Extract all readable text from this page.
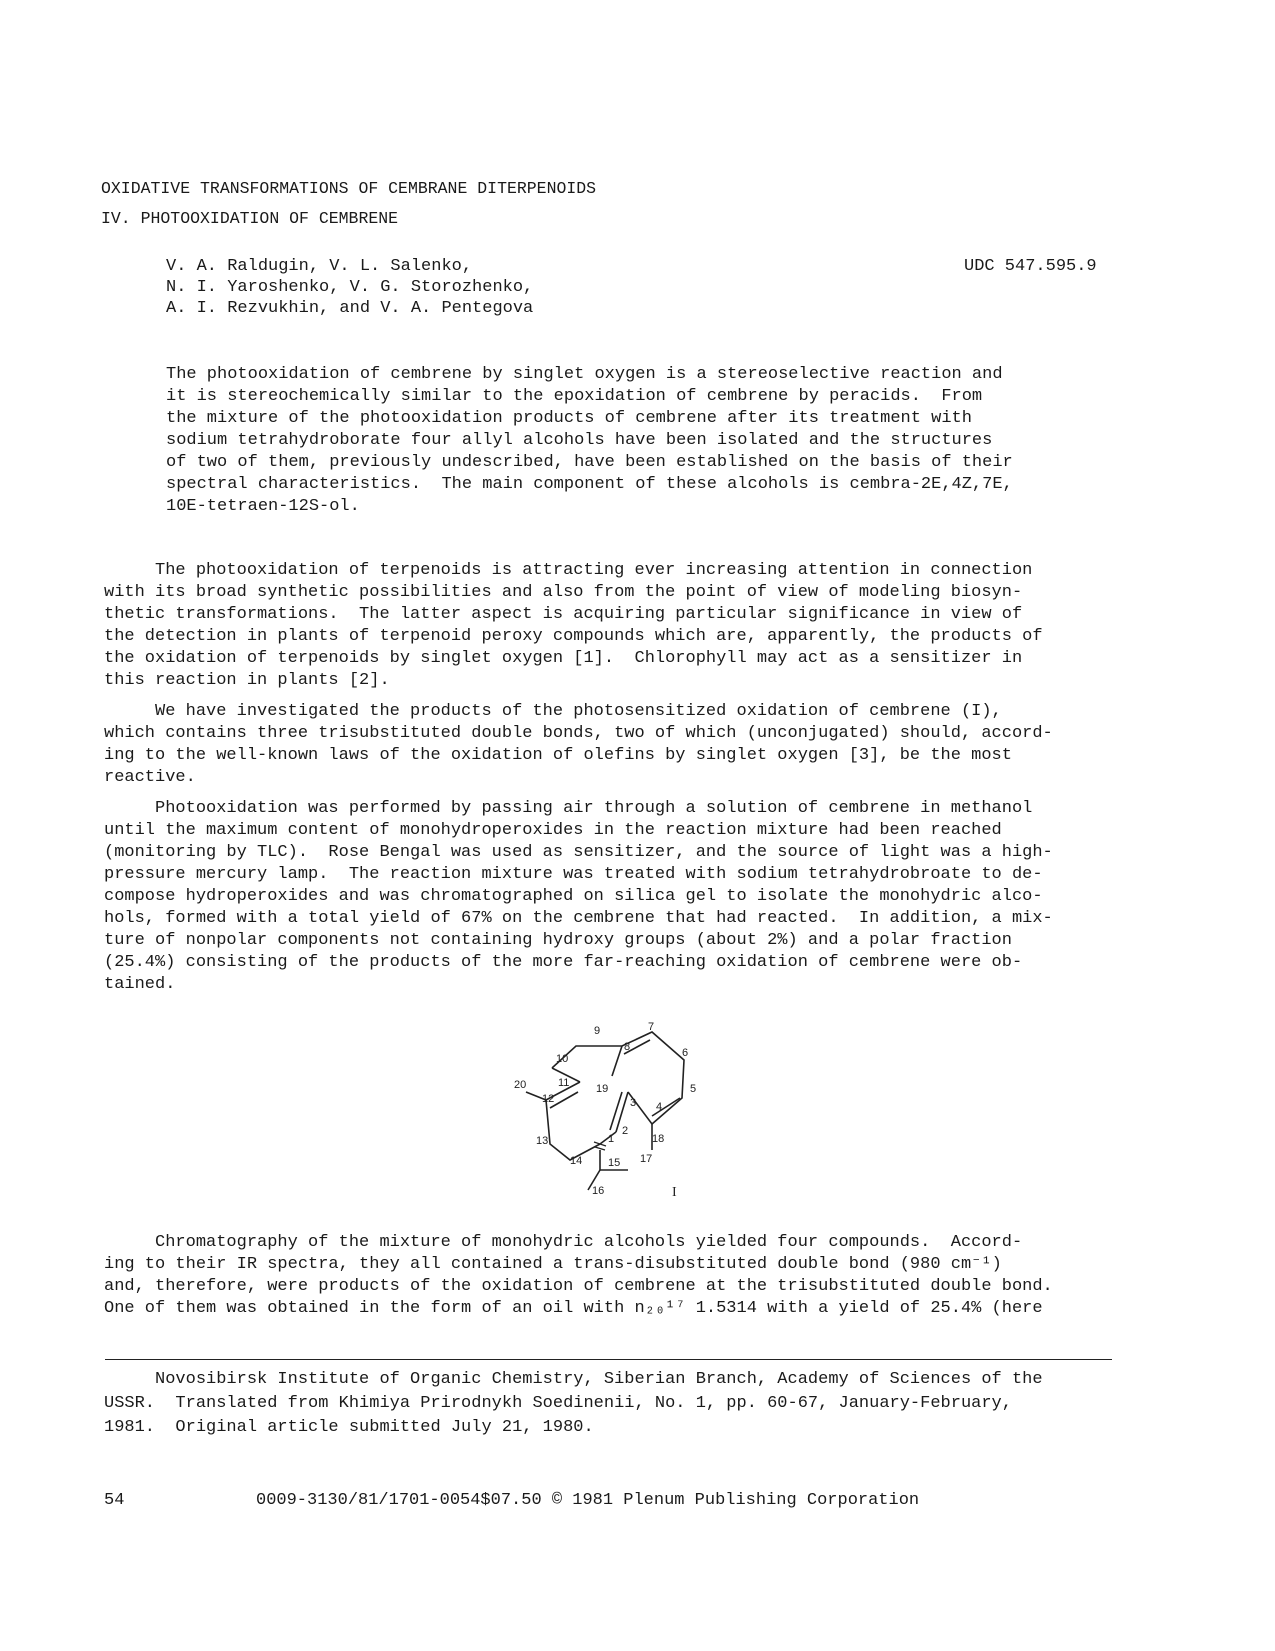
OXIDATIVE TRANSFORMATIONS OF CEMBRANE DITERPENOIDS
IV. PHOTOOXIDATION OF CEMBRENE
V. A. Raldugin, V. L. Salenko,
N. I. Yaroshenko, V. G. Storozhenko,
A. I. Rezvukhin, and V. A. Pentegova
UDC 547.595.9
The photooxidation of cembrene by singlet oxygen is a stereoselective reaction and
it is stereochemically similar to the epoxidation of cembrene by peracids.  From
the mixture of the photooxidation products of cembrene after its treatment with
sodium tetrahydroborate four allyl alcohols have been isolated and the structures
of two of them, previously undescribed, have been established on the basis of their
spectral characteristics.  The main component of these alcohols is cembra-2E,4Z,7E,
10E-tetraen-12S-ol.
The photooxidation of terpenoids is attracting ever increasing attention in connection
with its broad synthetic possibilities and also from the point of view of modeling biosyn-
thetic transformations.  The latter aspect is acquiring particular significance in view of
the detection in plants of terpenoid peroxy compounds which are, apparently, the products of
the oxidation of terpenoids by singlet oxygen [1].  Chlorophyll may act as a sensitizer in
this reaction in plants [2].
We have investigated the products of the photosensitized oxidation of cembrene (I),
which contains three trisubstituted double bonds, two of which (unconjugated) should, accord-
ing to the well-known laws of the oxidation of olefins by singlet oxygen [3], be the most
reactive.
Photooxidation was performed by passing air through a solution of cembrene in methanol
until the maximum content of monohydroperoxides in the reaction mixture had been reached
(monitoring by TLC).  Rose Bengal was used as sensitizer, and the source of light was a high-
pressure mercury lamp.  The reaction mixture was treated with sodium tetrahydrobroate to de-
compose hydroperoxides and was chromatographed on silica gel to isolate the monohydric alco-
hols, formed with a total yield of 67% on the cembrene that had reacted.  In addition, a mix-
ture of nonpolar components not containing hydroxy groups (about 2%) and a polar fraction
(25.4%) consisting of the products of the more far-reaching oxidation of cembrene were ob-
tained.
9	7
8	6
10
5
20	11
12
19
3 4
2
1	18
13
14 15 17
16	I
Chromatography of the mixture of monohydric alcohols yielded four compounds.  Accord-
ing to their IR spectra, they all contained a trans-disubstituted double bond (980 cm⁻¹)
and, therefore, were products of the oxidation of cembrene at the trisubstituted double bond.
One of them was obtained in the form of an oil with n₂₀¹⁷ 1.5314 with a yield of 25.4% (here
Novosibirsk Institute of Organic Chemistry, Siberian Branch, Academy of Sciences of the
USSR.  Translated from Khimiya Prirodnykh Soedinenii, No. 1, pp. 60-67, January-February,
1981.  Original article submitted July 21, 1980.
54	0009-3130/81/1701-0054$07.50 © 1981 Plenum Publishing Corporation
